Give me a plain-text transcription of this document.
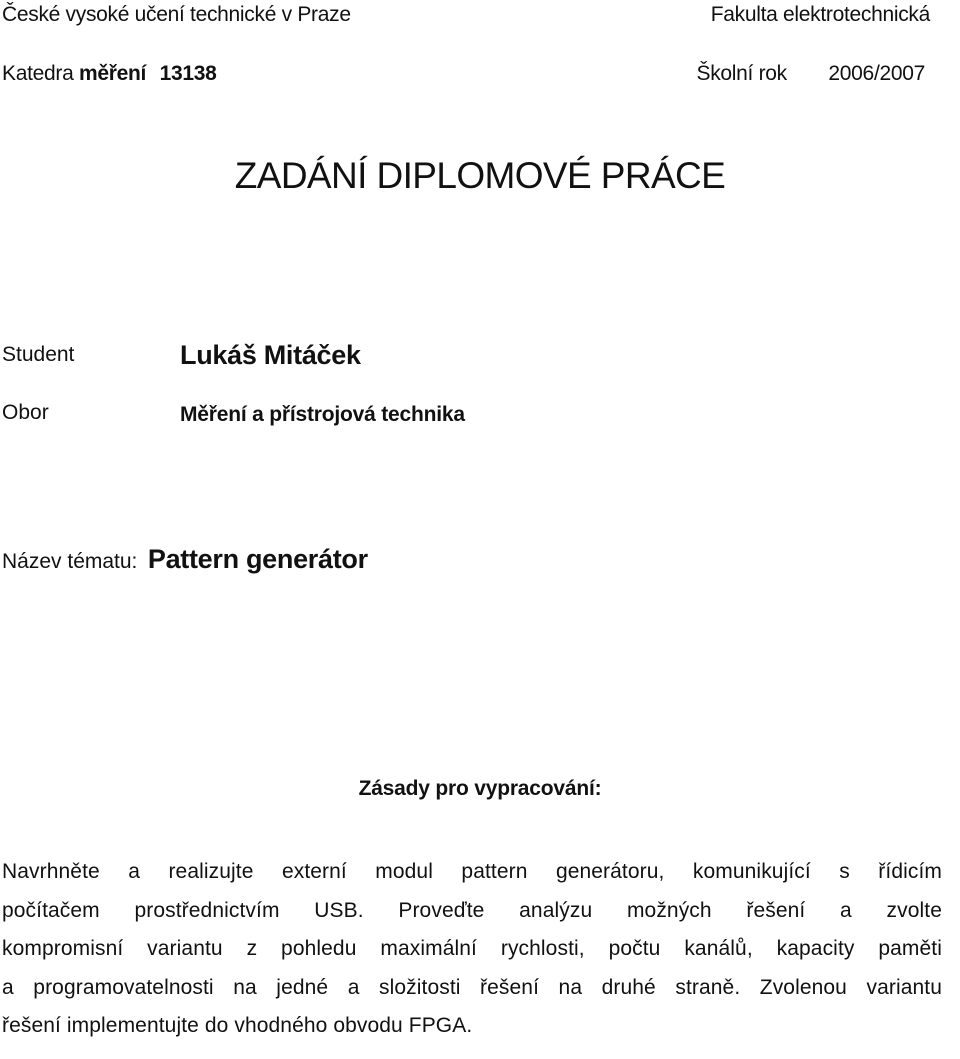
České vysoké učení technické v Praze	Fakulta elektrotechnická
Katedra měření 13138	Školní rok 2006/2007
ZADÁNÍ DIPLOMOVÉ PRÁCE
Student	Lukáš Mitáček
Obor	Měření a přístrojová technika
Název tématu: Pattern generátor
Zásady pro vypracování:
Navrhněte a realizujte externí modul pattern generátoru, komunikující s řídicím
počítačem prostřednictvím USB. Proveďte analýzu možných řešení a zvolte
kompromisní variantu z pohledu maximální rychlosti, počtu kanálů, kapacity paměti
a programovatelnosti na jedné a složitosti řešení na druhé straně. Zvolenou variantu
řešení implementujte do vhodného obvodu FPGA.
